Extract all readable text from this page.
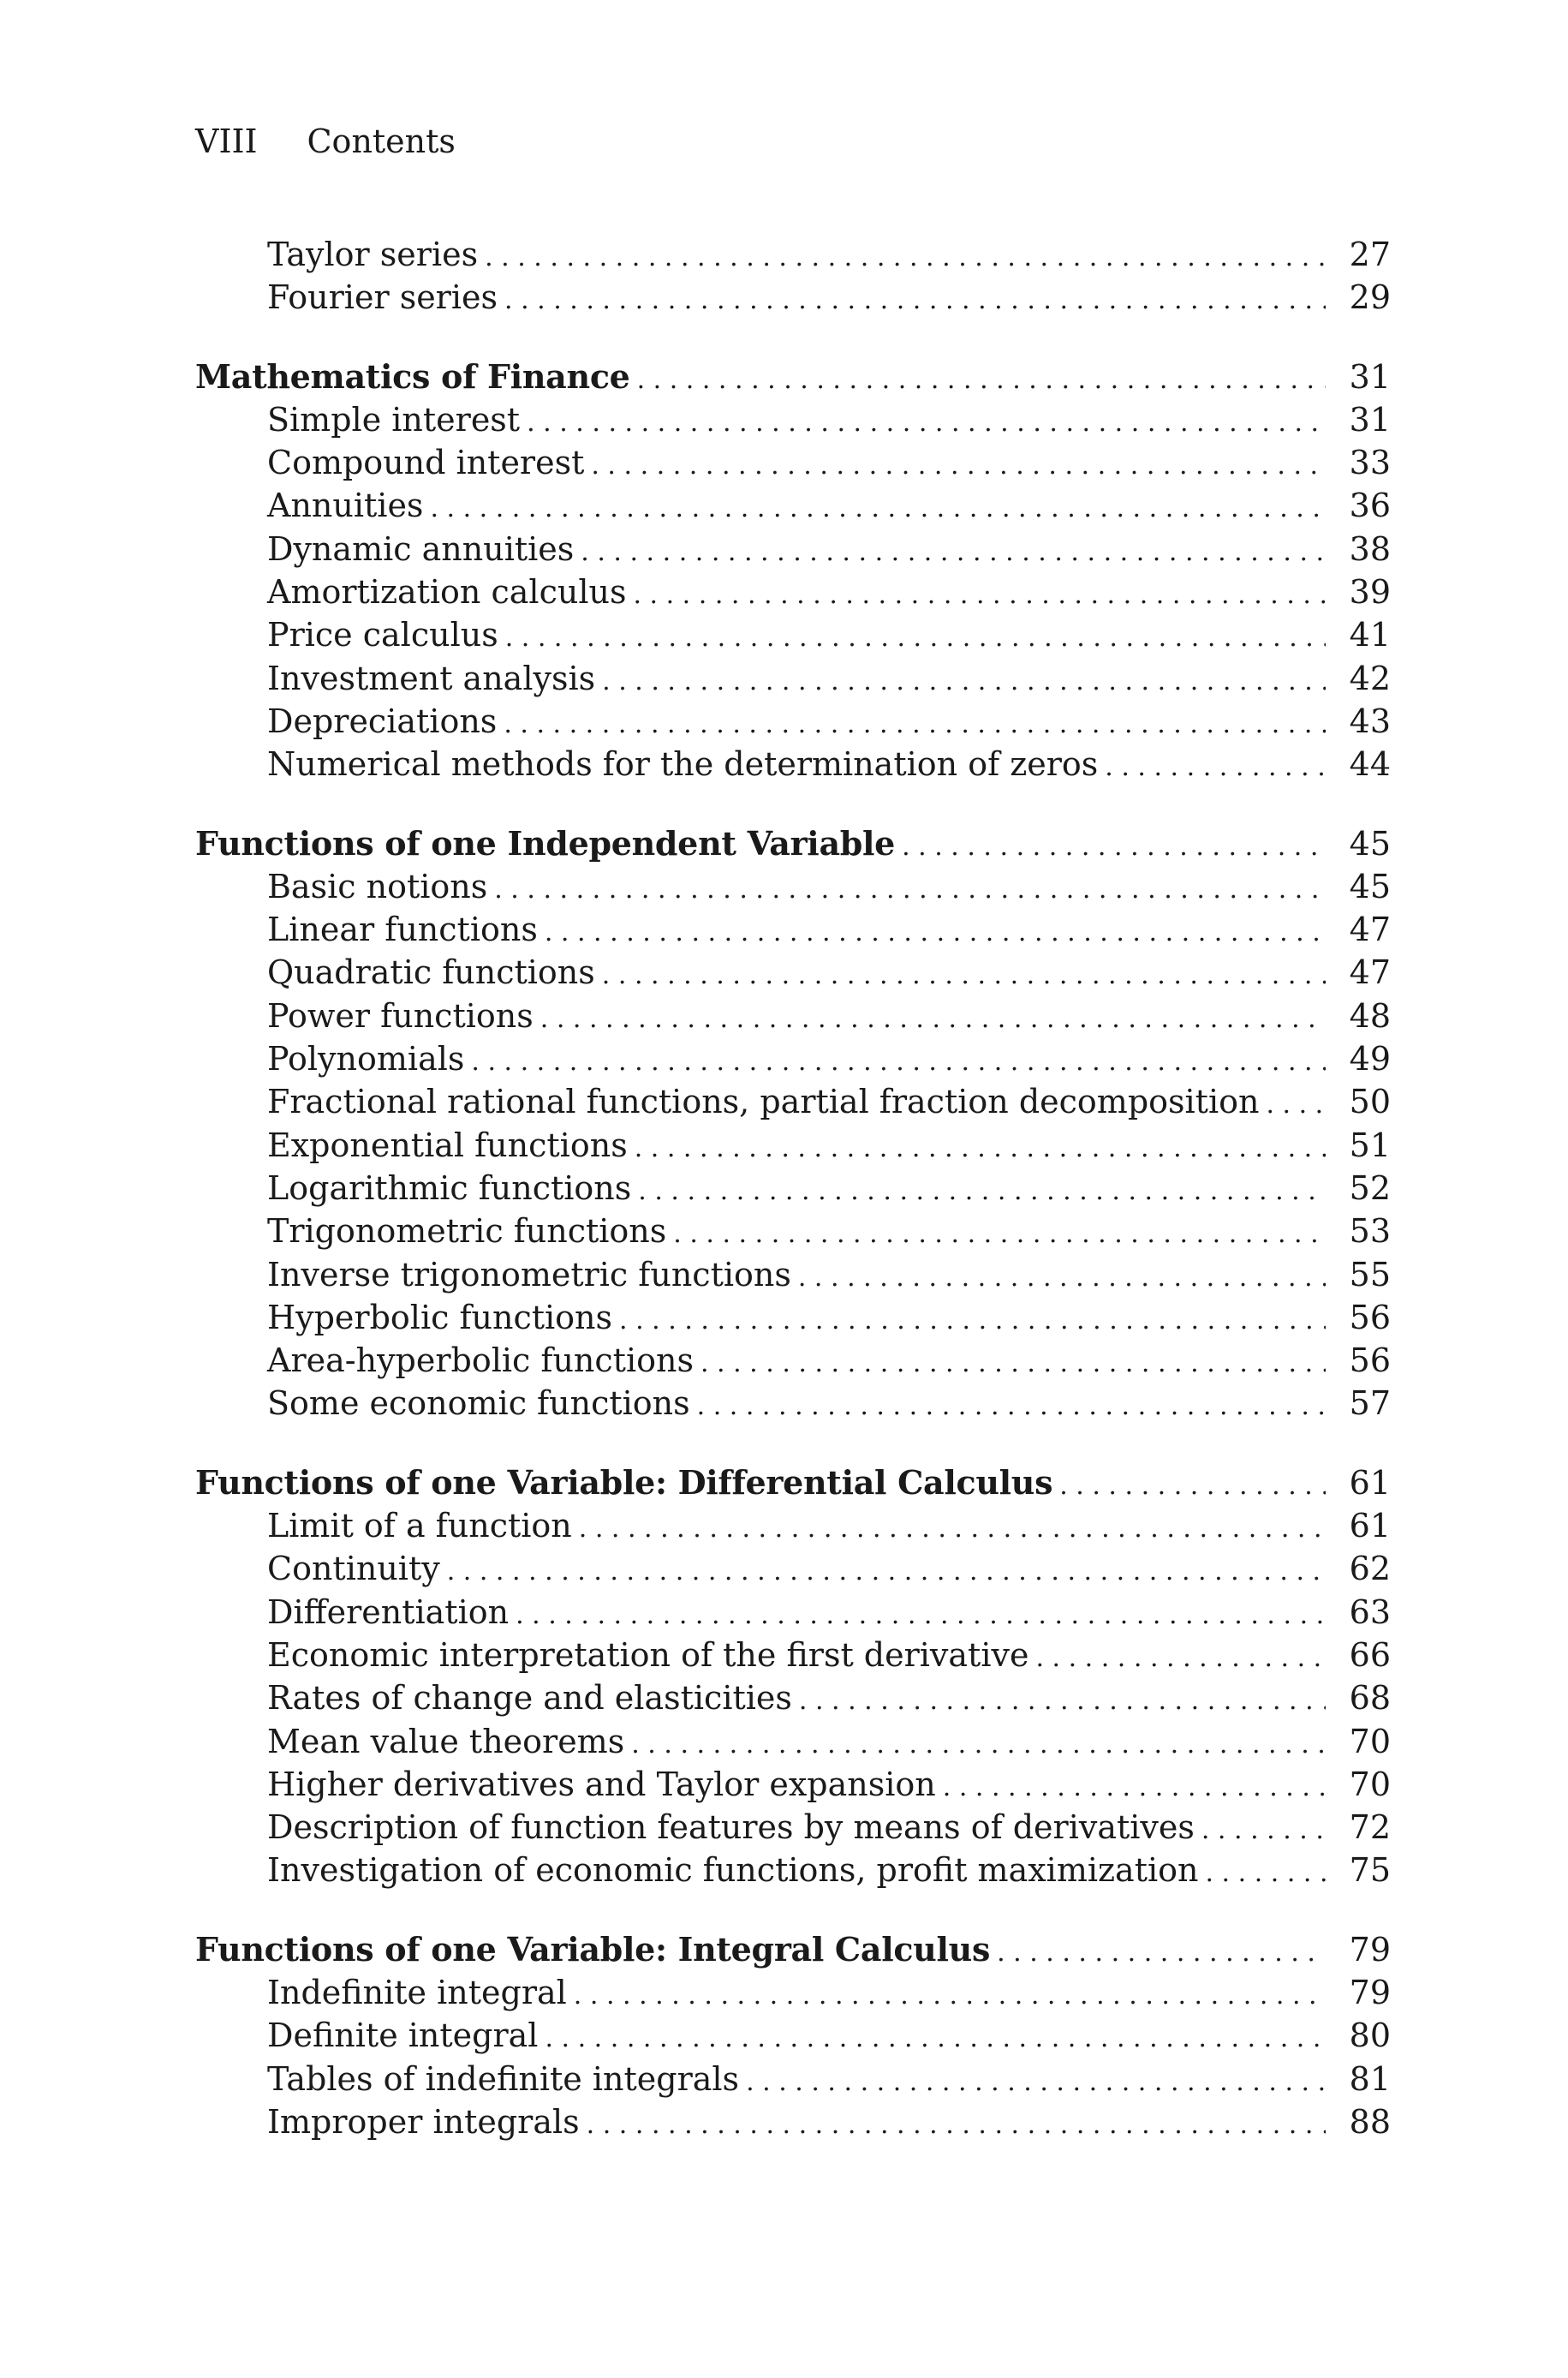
VIII Contents
Taylor series . . .	27
Fourier series . . .	29
Mathematics of Finance . . .	31
Simple interest . . .	31
Compound interest . . .	33
Annuities . . .	36
Dynamic annuities . . .	38
Amortization calculus . . .	39
Price calculus . . .	41
Investment analysis . . .	42
Depreciations . . .	43
Numerical methods for the determination of zeros . . .	44
Functions of one Independent Variable . . .	45
Basic notions . . .	45
Linear functions . . .	47
Quadratic functions . . .	47
Power functions . . .	48
Polynomials . . .	49
Fractional rational functions, partial fraction decomposition . . .	50
Exponential functions . . .	51
Logarithmic functions . . .	52
Trigonometric functions . . .	53
Inverse trigonometric functions . . .	55
Hyperbolic functions . . .	56
Area-hyperbolic functions . . .	56
Some economic functions . . .	57
Functions of one Variable: Differential Calculus . . .	61
Limit of a function . . .	61
Continuity . . .	62
Differentiation . . .	63
Economic interpretation of the first derivative . . .	66
Rates of change and elasticities . . .	68
Mean value theorems . . .	70
Higher derivatives and Taylor expansion . . .	70
Description of function features by means of derivatives . . .	72
Investigation of economic functions, profit maximization . . .	75
Functions of one Variable: Integral Calculus . . .	79
Indefinite integral . . .	79
Definite integral . . .	80
Tables of indefinite integrals . . .	81
Improper integrals . . .	88
